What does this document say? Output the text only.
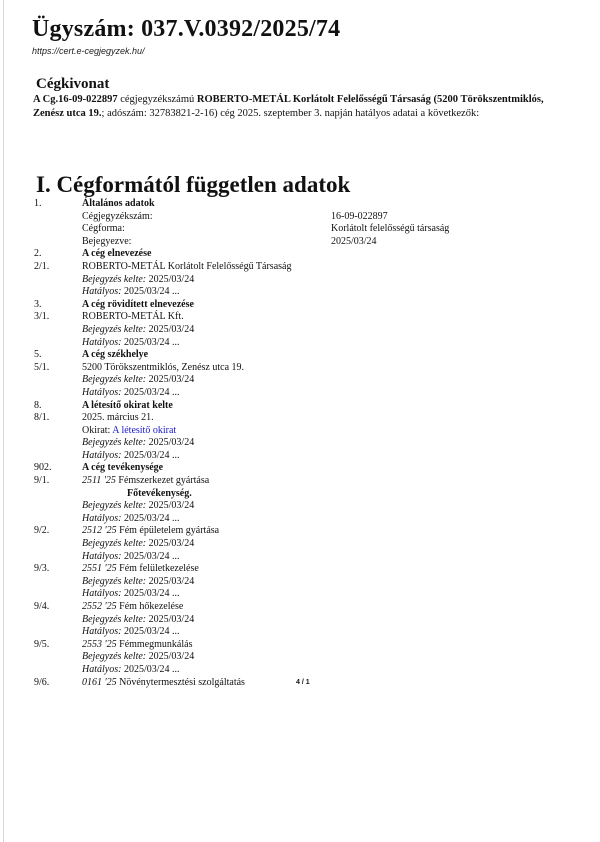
Ügyszám: 037.V.0392/2025/74
https://cert.e-cegjegyzek.hu/
Cégkivonat
A Cg.16-09-022897 cégjegyzékszámú ROBERTO-METÁL Korlátolt Felelősségű Társaság (5200 Törökszentmiklós, Zenész utca 19.; adószám: 32783821-2-16) cég 2025. szeptember 3. napján hatályos adatai a következők:
I. Cégformától független adatok
1.	Általános adatok
Cégjegyzékszám:	16-09-022897
Cégforma:	Korlátolt felelősségű társaság
Bejegyezve:	2025/03/24
2.	A cég elnevezése
2/1.	ROBERTO-METÁL Korlátolt Felelősségű Társaság
Bejegyzés kelte: 2025/03/24
Hatályos: 2025/03/24 ...
3.	A cég rövidített elnevezése
3/1.	ROBERTO-METÁL Kft.
Bejegyzés kelte: 2025/03/24
Hatályos: 2025/03/24 ...
5.	A cég székhelye
5/1.	5200 Törökszentmiklós, Zenész utca 19.
Bejegyzés kelte: 2025/03/24
Hatályos: 2025/03/24 ...
8.	A létesítő okirat kelte
8/1.	2025. március 21.
Okirat: A létesítő okirat
Bejegyzés kelte: 2025/03/24
Hatályos: 2025/03/24 ...
902.	A cég tevékenysége
9/1.	2511 '25 Fémszerkezet gyártása
Főtevékenység.
Bejegyzés kelte: 2025/03/24
Hatályos: 2025/03/24 ...
9/2.	2512 '25 Fém épületelem gyártása
Bejegyzés kelte: 2025/03/24
Hatályos: 2025/03/24 ...
9/3.	2551 '25 Fém felületkezelése
Bejegyzés kelte: 2025/03/24
Hatályos: 2025/03/24 ...
9/4.	2552 '25 Fém hőkezelése
Bejegyzés kelte: 2025/03/24
Hatályos: 2025/03/24 ...
9/5.	2553 '25 Fémmegmunkálás
Bejegyzés kelte: 2025/03/24
Hatályos: 2025/03/24 ...
9/6.	0161 '25 Növénytermesztési szolgáltatás	4 / 1
